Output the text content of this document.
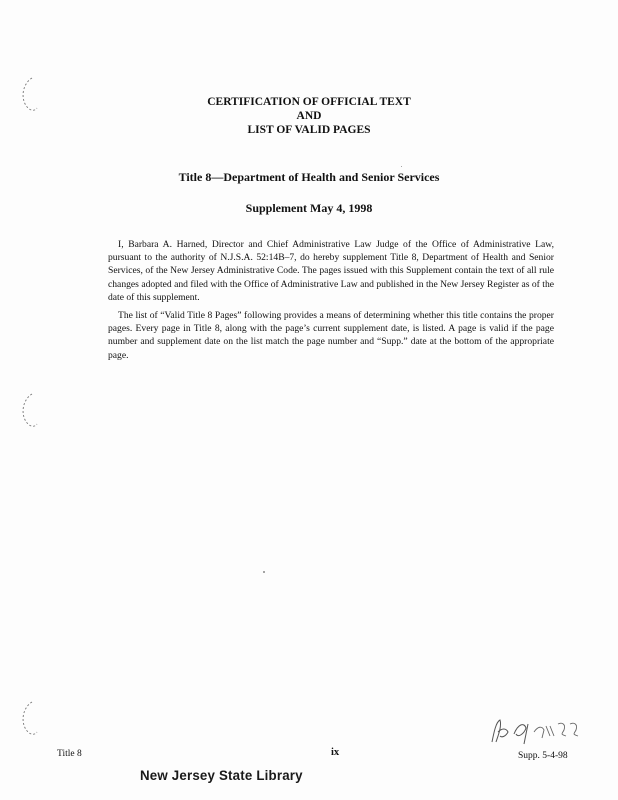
CERTIFICATION OF OFFICIAL TEXT
AND
LIST OF VALID PAGES
Title 8—Department of Health and Senior Services
Supplement May 4, 1998

I, Barbara A. Harned, Director and Chief Administrative Law Judge of the Office of Administrative Law, pursuant to the authority of N.J.S.A. 52:14B–7, do hereby supplement Title 8, Department of Health and Senior Services, of the New Jersey Administrative Code. The pages issued with this Supplement contain the text of all rule changes adopted and filed with the Office of Administrative Law and published in the New Jersey Register as of the date of this supplement.

The list of “Valid Title 8 Pages” following provides a means of determining whether this title contains the proper pages. Every page in Title 8, along with the page’s current supplement date, is listed. A page is valid if the page number and supplement date on the list match the page number and “Supp.” date at the bottom of the appropriate page.

Title 8	ix	Supp. 5-4-98
New Jersey State Library
